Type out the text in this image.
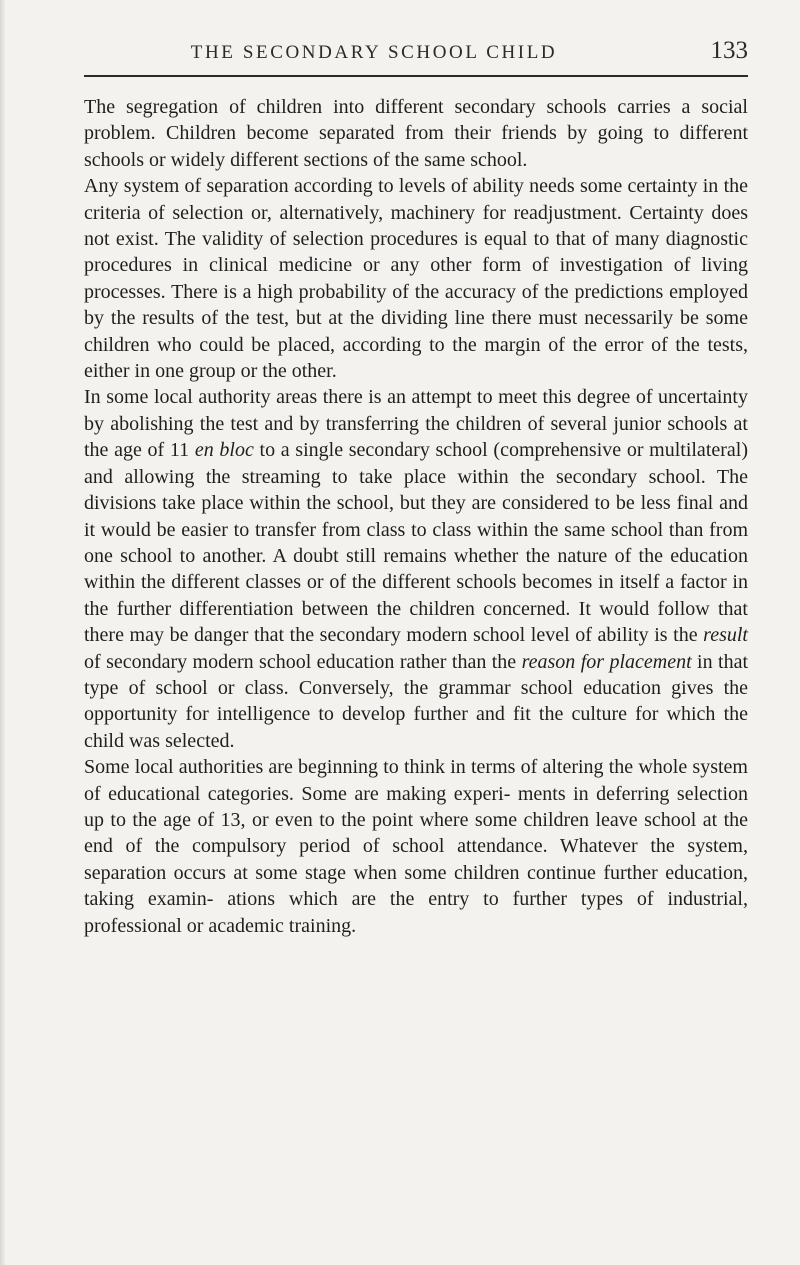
THE SECONDARY SCHOOL CHILD	133

The segregation of children into different secondary schools carries a social problem. Children become separated from their friends by going to different schools or widely different sections of the same school.

Any system of separation according to levels of ability needs some certainty in the criteria of selection or, alternatively, machinery for readjustment. Certainty does not exist. The validity of selection procedures is equal to that of many diagnostic procedures in clinical medicine or any other form of investigation of living processes. There is a high probability of the accuracy of the predictions employed by the results of the test, but at the dividing line there must necessarily be some children who could be placed, according to the margin of the error of the tests, either in one group or the other.

In some local authority areas there is an attempt to meet this degree of uncertainty by abolishing the test and by transferring the children of several junior schools at the age of 11 en bloc to a single secondary school (comprehensive or multilateral) and allowing the streaming to take place within the secondary school. The divisions take place within the school, but they are considered to be less final and it would be easier to transfer from class to class within the same school than from one school to another. A doubt still remains whether the nature of the education within the different classes or of the different schools becomes in itself a factor in the further differentiation between the children concerned. It would follow that there may be danger that the secondary modern school level of ability is the result of secondary modern school education rather than the reason for placement in that type of school or class. Conversely, the grammar school education gives the opportunity for intelligence to develop further and fit the culture for which the child was selected.

Some local authorities are beginning to think in terms of altering the whole system of educational categories. Some are making experi- ments in deferring selection up to the age of 13, or even to the point where some children leave school at the end of the compulsory period of school attendance. Whatever the system, separation occurs at some stage when some children continue further education, taking examin- ations which are the entry to further types of industrial, professional or academic training.
